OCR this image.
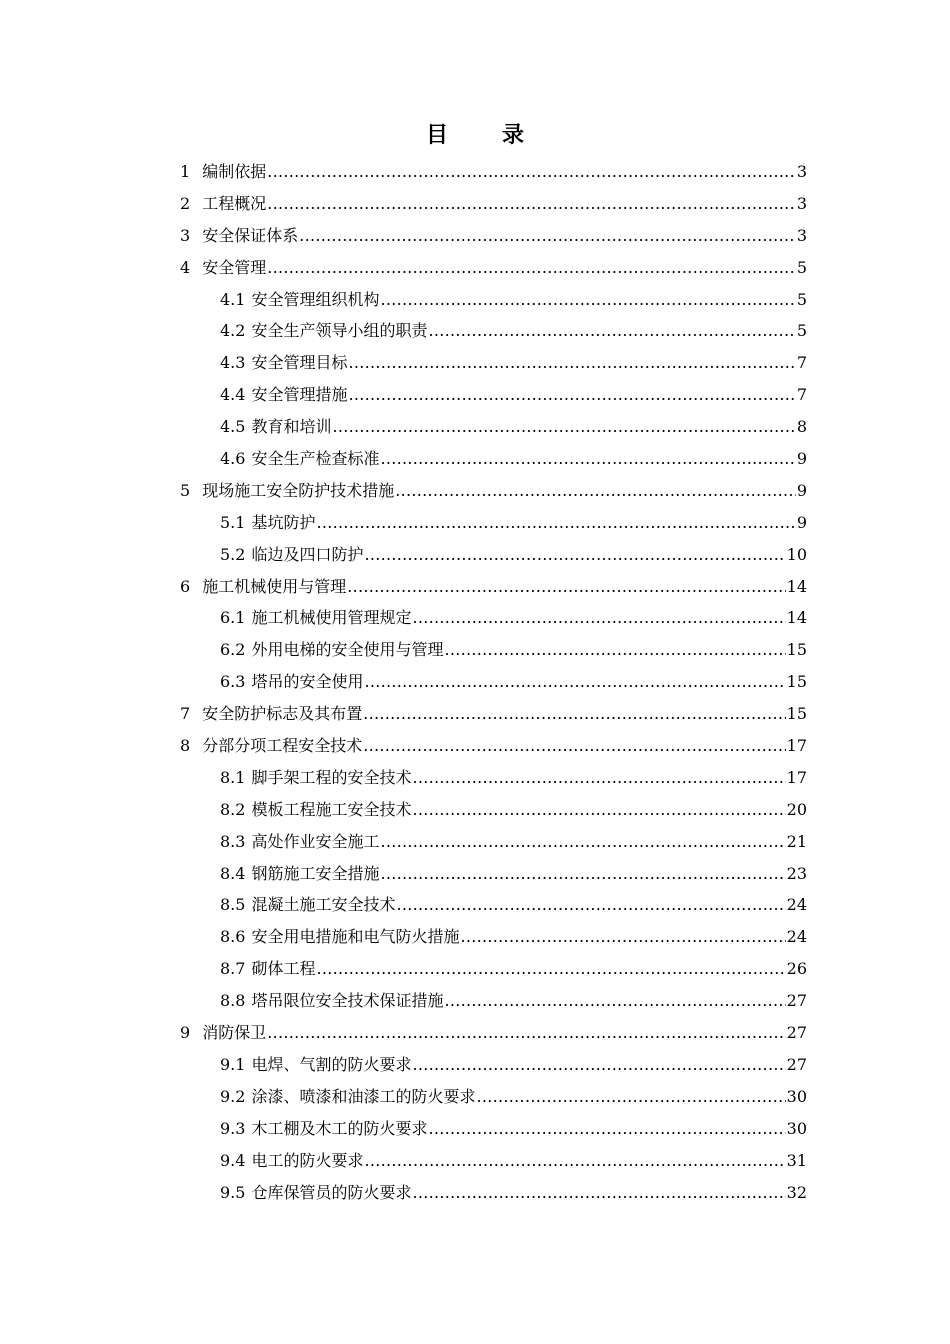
目　录
1 编制依据 .....	3
2 工程概况 .....	3
3 安全保证体系 .....	3
4 安全管理 .....	5
4.1 安全管理组织机构 .....	5
4.2 安全生产领导小组的职责 .....	5
4.3 安全管理目标 .....	7
4.4 安全管理措施 .....	7
4.5 教育和培训 .....	8
4.6 安全生产检查标准 .....	9
5 现场施工安全防护技术措施 .....	9
5.1 基坑防护 .....	9
5.2 临边及四口防护 .....	10
6 施工机械使用与管理 .....	14
6.1 施工机械使用管理规定 .....	14
6.2 外用电梯的安全使用与管理 .....	15
6.3 塔吊的安全使用 .....	15
7 安全防护标志及其布置 .....	15
8 分部分项工程安全技术 .....	17
8.1 脚手架工程的安全技术 .....	17
8.2 模板工程施工安全技术 .....	20
8.3 高处作业安全施工 .....	21
8.4 钢筋施工安全措施 .....	23
8.5 混凝土施工安全技术 .....	24
8.6 安全用电措施和电气防火措施 .....	24
8.7 砌体工程 .....	26
8.8 塔吊限位安全技术保证措施 .....	27
9 消防保卫 .....	27
9.1 电焊、气割的防火要求 .....	27
9.2 涂漆、喷漆和油漆工的防火要求 .....	30
9.3 木工棚及木工的防火要求 .....	30
9.4 电工的防火要求 .....	31
9.5 仓库保管员的防火要求 .....	32
